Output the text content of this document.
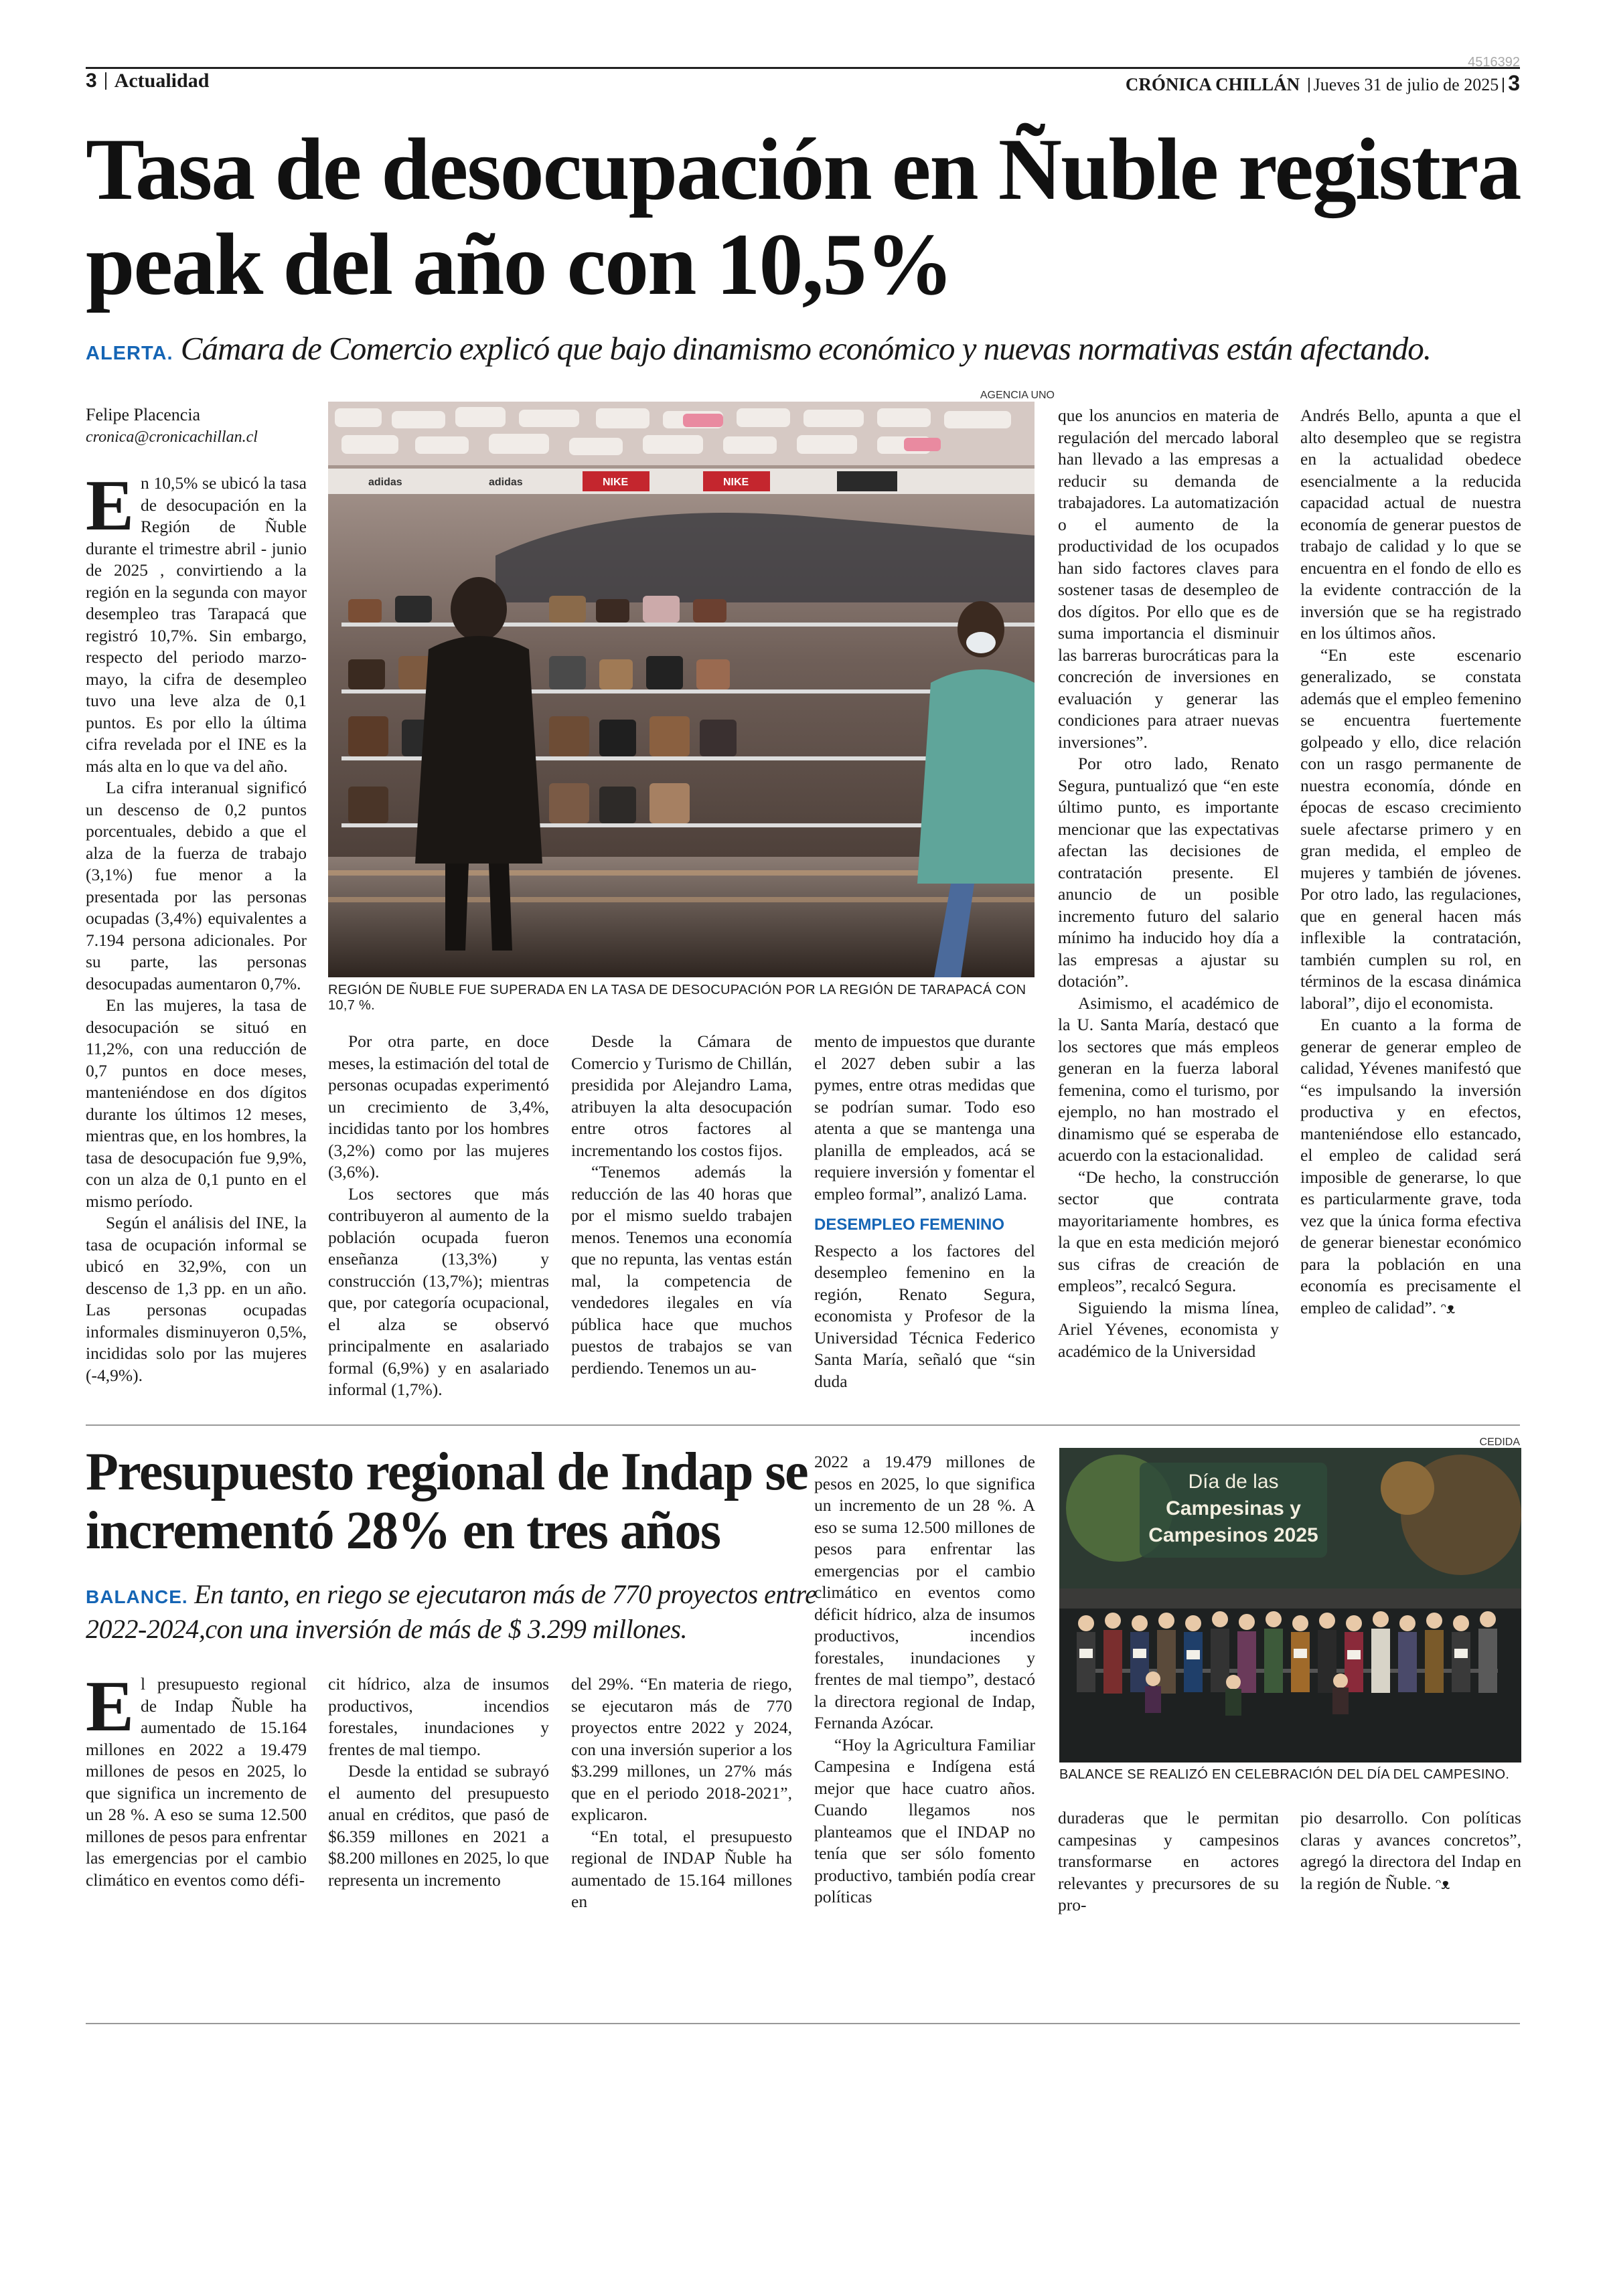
4516392
3 Actualidad	CRÓNICA CHILLÁN Jueves 31 de julio de 2025 3
Tasa de desocupación en Ñuble registra peak del año con 10,5%
ALERTA. Cámara de Comercio explicó que bajo dinamismo económico y nuevas normativas están afectando.
Felipe Placencia
cronica@cronicachillan.cl

En 10,5% se ubicó la tasa de desocupación en la Región de Ñuble durante el trimestre abril - junio de 2025 , convirtiendo a la región en la segunda con mayor desempleo tras Tarapacá que registró 10,7%. Sin embargo, respecto del periodo marzo-mayo, la cifra de desempleo tuvo una leve alza de 0,1 puntos. Es por ello la última cifra revelada por el INE es la más alta en lo que va del año.

La cifra interanual significó un descenso de 0,2 puntos porcentuales, debido a que el alza de la fuerza de trabajo (3,1%) fue menor a la presentada por las personas ocupadas (3,4%) equivalentes a 7.194 persona adicionales. Por su parte, las personas desocupadas aumentaron 0,7%.

En las mujeres, la tasa de desocupación se situó en 11,2%, con una reducción de 0,7 puntos en doce meses, manteniéndose en dos dígitos durante los últimos 12 meses, mientras que, en los hombres, la tasa de desocupación fue 9,9%, con un alza de 0,1 punto en el mismo período.

Según el análisis del INE, la tasa de ocupación informal se ubicó en 32,9%, con un descenso de 1,3 pp. en un año. Las personas ocupadas informales disminuyeron 0,5%, incididas solo por las mujeres (-4,9%).

AGENCIA UNO
adidas	adidas	NIKE	NIKE
REGIÓN DE ÑUBLE FUE SUPERADA EN LA TASA DE DESOCUPACIÓN POR LA REGIÓN DE TARAPACÁ CON 10,7 %.

Por otra parte, en doce meses, la estimación del total de personas ocupadas experimentó un crecimiento de 3,4%, incididas tanto por los hombres (3,2%) como por las mujeres (3,6%).

Los sectores que más contribuyeron al aumento de la población ocupada fueron enseñanza (13,3%) y construcción (13,7%); mientras que, por categoría ocupacional, el alza se observó principalmente en asalariado formal (6,9%) y en asalariado informal (1,7%).

Desde la Cámara de Comercio y Turismo de Chillán, presidida por Alejandro Lama, atribuyen la alta desocupación entre otros factores al incrementando los costos fijos.

“Tenemos además la reducción de las 40 horas que por el mismo sueldo trabajen menos. Tenemos una economía que no repunta, las ventas están mal, la competencia de vendedores ilegales en vía pública hace que muchos puestos de trabajos se van perdiendo. Tenemos un au-

mento de impuestos que durante el 2027 deben subir a las pymes, entre otras medidas que se podrían sumar. Todo eso atenta a que se mantenga una planilla de empleados, acá se requiere inversión y fomentar el empleo formal”, analizó Lama.

DESEMPLEO FEMENINO

Respecto a los factores del desempleo femenino en la región, Renato Segura, economista y Profesor de la Universidad Técnica Federico Santa María, señaló que “sin duda

que los anuncios en materia de regulación del mercado laboral han llevado a las empresas a reducir su demanda de trabajadores. La automatización o el aumento de la productividad de los ocupados han sido factores claves para sostener tasas de desempleo de dos dígitos. Por ello que es de suma importancia el disminuir las barreras burocráticas para la concreción de inversiones en evaluación y generar las condiciones para atraer nuevas inversiones”.

Por otro lado, Renato Segura, puntualizó que “en este último punto, es importante mencionar que las expectativas afectan las decisiones de contratación presente. El anuncio de un posible incremento futuro del salario mínimo ha inducido hoy día a las empresas a ajustar su dotación”.

Asimismo, el académico de la U. Santa María, destacó que los sectores que más empleos generan en la fuerza laboral femenina, como el turismo, por ejemplo, no han mostrado el dinamismo qué se esperaba de acuerdo con la estacionalidad.

“De hecho, la construcción sector que contrata mayoritariamente hombres, es la que en esta medición mejoró sus cifras de creación de empleos”, recalcó Segura.

Siguiendo la misma línea, Ariel Yévenes, economista y académico de la Universidad

Andrés Bello, apunta a que el alto desempleo que se registra en la actualidad obedece esencialmente a la reducida capacidad actual de nuestra economía de generar puestos de trabajo de calidad y lo que se encuentra en el fondo de ello es la evidente contracción de la inversión que se ha registrado en los últimos años.

“En este escenario generalizado, se constata además que el empleo femenino se encuentra fuertemente golpeado y ello, dice relación con un rasgo permanente de nuestra economía, dónde en épocas de escaso crecimiento suele afectarse primero y en gran medida, el empleo de mujeres y también de jóvenes. Por otro lado, las regulaciones, que en general hacen más inflexible la contratación, también cumplen su rol, en términos de la escasa dinámica laboral”, dijo el economista.

En cuanto a la forma de generar de generar empleo de calidad, Yévenes manifestó que “es impulsando la inversión productiva y en efectos, manteniéndose ello estancado, el empleo de calidad será imposible de generarse, lo que es particularmente grave, toda vez que la única forma efectiva de generar bienestar económico para la población en una economía es precisamente el empleo de calidad”. ᵔᴥ

Presupuesto regional de Indap se incrementó 28% en tres años
BALANCE. En tanto, en riego se ejecutaron más de 770 proyectos entre 2022-2024,con una inversión de más de $ 3.299 millones.

El presupuesto regional de Indap Ñuble ha aumentado de 15.164 millones en 2022 a 19.479 millones de pesos en 2025, lo que significa un incremento de un 28 %. A eso se suma 12.500 millones de pesos para enfrentar las emergencias por el cambio climático en eventos como défi-

cit hídrico, alza de insumos productivos, incendios forestales, inundaciones y frentes de mal tiempo.

Desde la entidad se subrayó el aumento del presupuesto anual en créditos, que pasó de $6.359 millones en 2021 a $8.200 millones en 2025, lo que representa un incremento

del 29%. “En materia de riego, se ejecutaron más de 770 proyectos entre 2022 y 2024, con una inversión superior a los $3.299 millones, un 27% más que en el periodo 2018-2021”, explicaron.

“En total, el presupuesto regional de INDAP Ñuble ha aumentado de 15.164 millones en

2022 a 19.479 millones de pesos en 2025, lo que significa un incremento de un 28 %. A eso se suma 12.500 millones de pesos para enfrentar las emergencias por el cambio climático en eventos como déficit hídrico, alza de insumos productivos, incendios forestales, inundaciones y frentes de mal tiempo”, destacó la directora regional de Indap, Fernanda Azócar.

“Hoy la Agricultura Familiar Campesina e Indígena está mejor que hace cuatro años. Cuando llegamos nos planteamos que el INDAP no tenía que ser sólo fomento productivo, también podía crear políticas

CEDIDA
Día de las
Campesinas y
Campesinos 2025
BALANCE SE REALIZÓ EN CELEBRACIÓN DEL DÍA DEL CAMPESINO.

duraderas que le permitan campesinas y campesinos transformarse en actores relevantes y precursores de su pro-

pio desarrollo. Con políticas claras y avances concretos”, agregó la directora del Indap en la región de Ñuble. ᵔᴥ
